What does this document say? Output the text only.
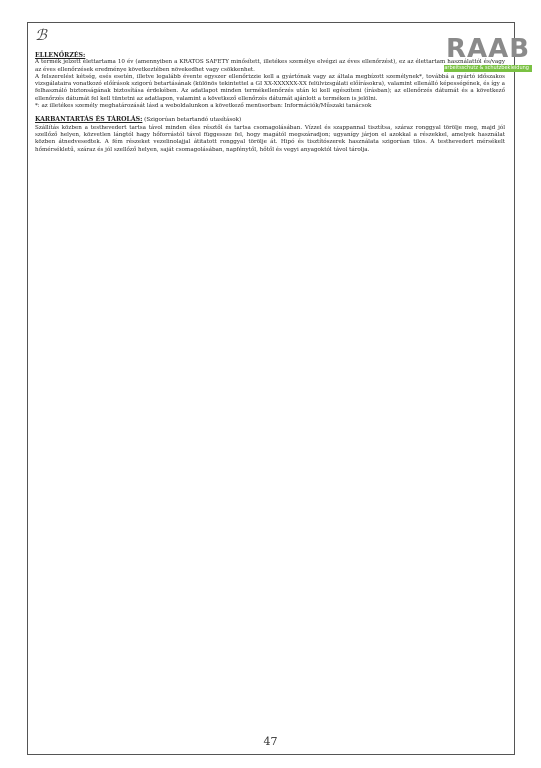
ℬ	RAAB
arbeitsschutz & schutzbekleidung

ELLENŐRZÉS:

A termék jelzett élettartama 10 év (amennyiben a KRATOS SAFETY minősített, illetékes személye elvégzi az éves ellenőrzést), ez az élettartam használattól és/vagy az éves ellenőrzések eredménye következtében növekedhet vagy csökkenhet.

A felszerelést kétség, esés esetén, illetve legalább évente egyszer ellenőrizzie kell a gyártónak vagy az általa megbízott személynek*, továbbá a gyártó időszakos vizsgálataira vonatkozó előírások szigorú betartásának (különös tekintettel a GI XX-XXXXXX-XX felülvizsgálati előírásokra), valamint ellenálló képességének, és így a felhasználó biztonságának biztosítása érdekében. Az adatlapot minden termékellenőrzés után ki kell egészíteni (írásban); az ellenőrzés dátumát és a következő ellenőrzés dátumát fel kell tüntetni az adatlapon, valamint a következő ellenőrzés dátumát ajánlott a terméken is jelölni.

*: az illetékes személy meghatározását lásd a weboldalunkon a következő menüsorban: Információk/Műszaki tanácsok

KARBANTARTÁS ÉS TÁROLÁS: (Szigorúan betartandó utasítások)

Szállítás közben a testhevedert tartsa távol minden éles résztől és tartsa csomagolásában. Vízzel és szappannal tisztítsa, száraz ronggyal törölje meg, majd jól szellőző helyen, közvetlen lángtól hagy hőforrástól távol függessze fel, hogy magától megszáradjon; ugyanígy járjon el azokkal a részekkel, amelyek használat közben átnedvesedtek. A fém részeket vezelinolajjal átitatott ronggyal törölje át. Hipó és tisztítószerek használata szigorúan tilos. A testhevedert mérsékelt hőmérsékletű, száraz és jól szellőző helyen, saját csomagolásában, napfénytől, hőtől és vegyi anyagoktól távol tárolja.

47
